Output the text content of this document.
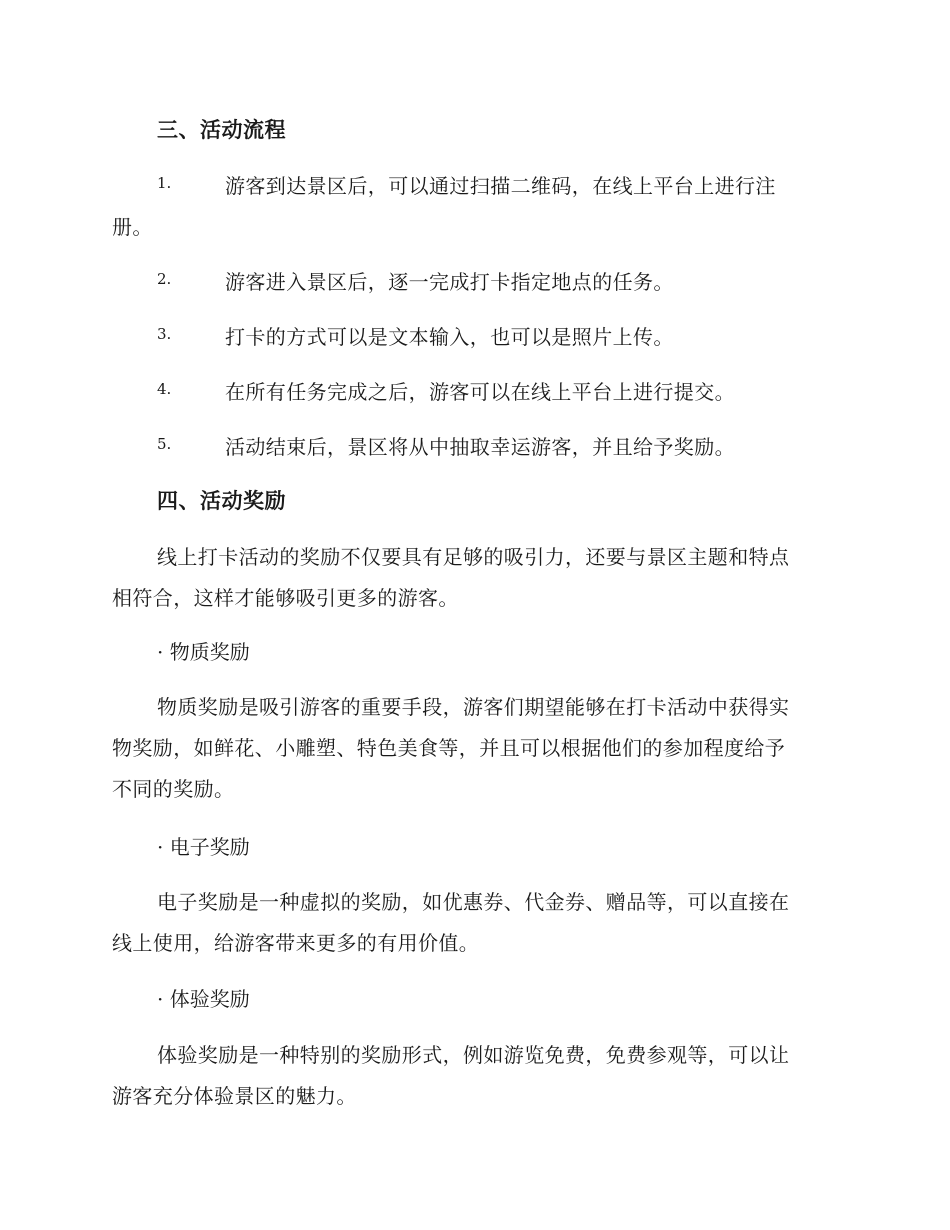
三、活动流程
1.	游客到达景区后，可以通过扫描二维码，在线上平台上进行注
册。
2.	游客进入景区后，逐一完成打卡指定地点的任务。
3.	打卡的方式可以是文本输入，也可以是照片上传。
4.	在所有任务完成之后，游客可以在线上平台上进行提交。
5.	活动结束后，景区将从中抽取幸运游客，并且给予奖励。
四、活动奖励
线上打卡活动的奖励不仅要具有足够的吸引力，还要与景区主题和特点
相符合，这样才能够吸引更多的游客。
· 物质奖励
物质奖励是吸引游客的重要手段，游客们期望能够在打卡活动中获得实
物奖励，如鲜花、小雕塑、特色美食等，并且可以根据他们的参加程度给予
不同的奖励。
· 电子奖励
电子奖励是一种虚拟的奖励，如优惠券、代金券、赠品等，可以直接在
线上使用，给游客带来更多的有用价值。
· 体验奖励
体验奖励是一种特别的奖励形式，例如游览免费，免费参观等，可以让
游客充分体验景区的魅力。
